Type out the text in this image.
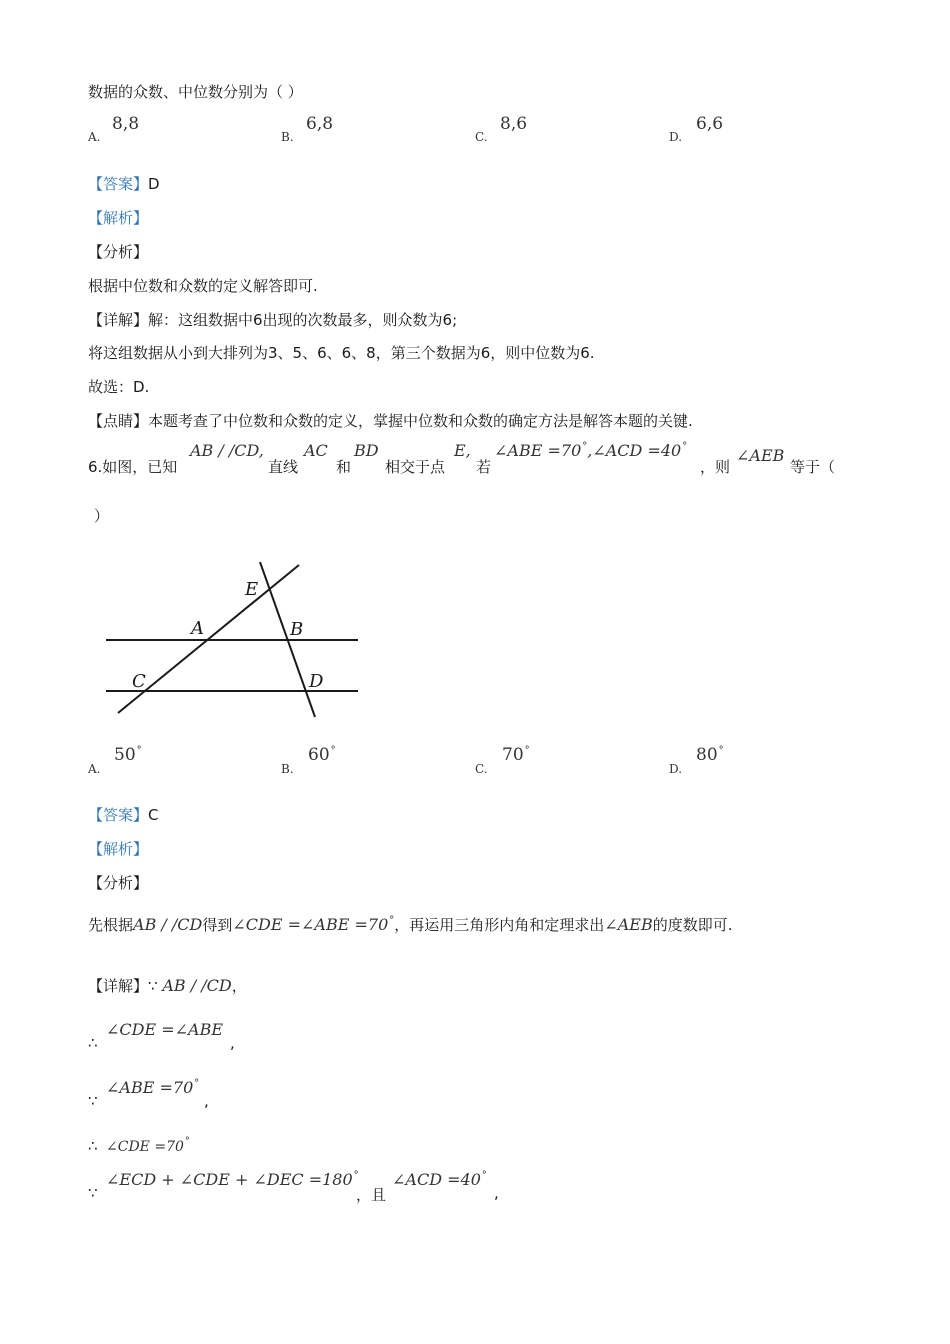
数据的众数、中位数分别为（ ）
A.
8,8
B.
6,8
C.
8,6
D.
6,6
【答案】D
【解析】
【分析】
根据中位数和众数的定义解答即可.
【详解】解：这组数据中6出现的次数最多，则众数为6;
将这组数据从小到大排列为3、5、6、6、8，第三个数据为6，则中位数为6.
故选：D.
【点睛】本题考查了中位数和众数的定义，掌握中位数和众数的确定方法是解答本题的关键.
6.如图，已知
AB / /CD,
直线
AC
和
BD
相交于点
E,
若
∠ABE =70°,∠ACD =40°
，则
∠AEB
等于（
）
E
A	B
C	D
A.
50°
B.
60°
C.
70°
D.
80°
【答案】C
【解析】
【分析】
先根据AB / /CD得到∠CDE =∠ABE =70°，再运用三角形内角和定理求出∠AEB的度数即可.
【详解】∵ AB / /CD，
∴
∠CDE =∠ABE
,
∵
∠ABE =70°
,
∴ ∠CDE =70°
∵
∠ECD + ∠CDE + ∠DEC =180°
，且
∠ACD =40°
,
